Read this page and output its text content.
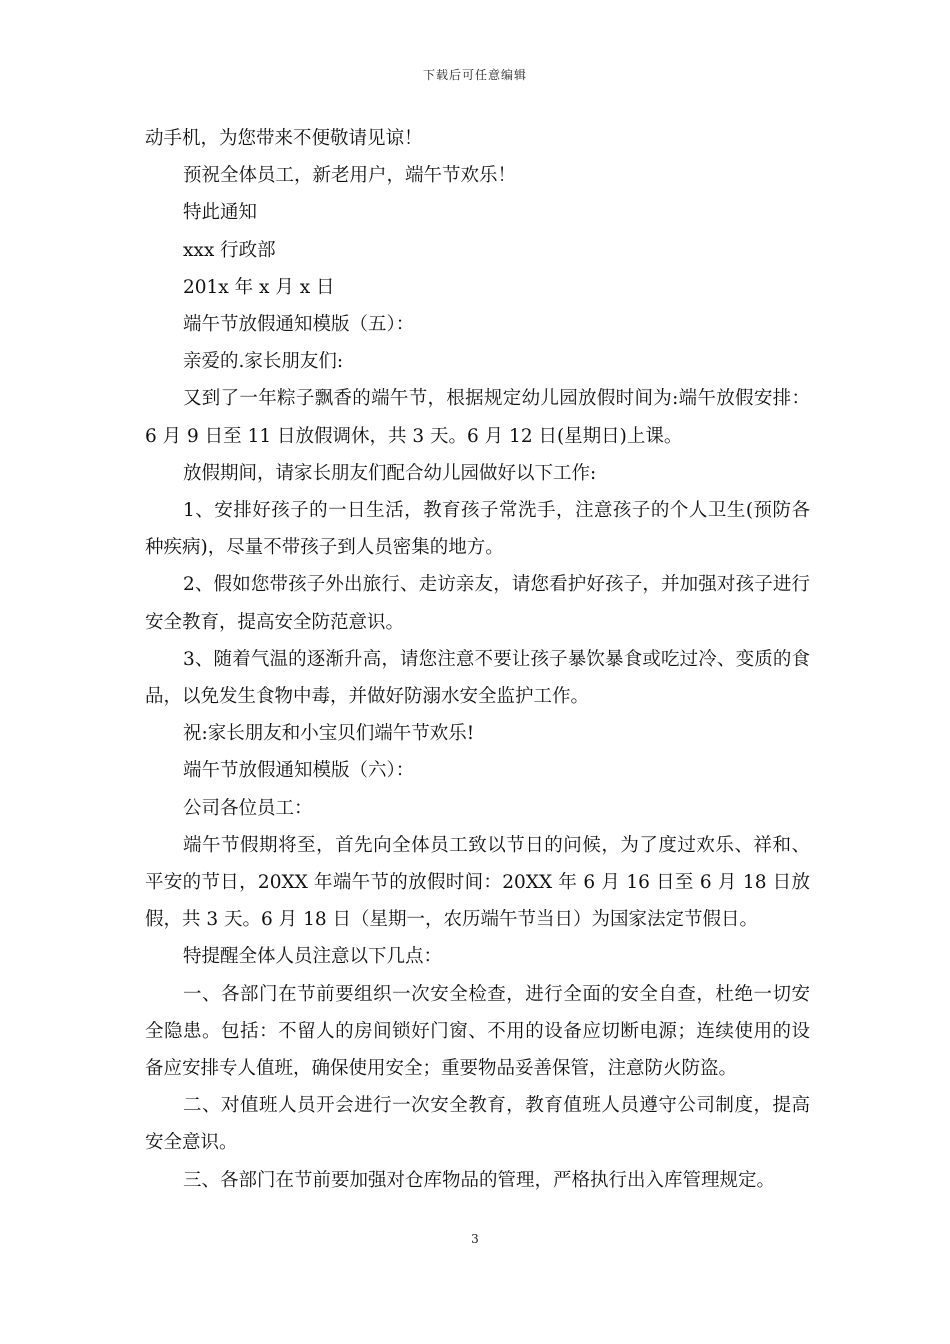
下载后可任意编辑

动手机，为您带来不便敬请见谅！

预祝全体员工，新老用户，端午节欢乐！

特此通知

xxx 行政部

201x 年 x 月 x 日

端午节放假通知模版（五）：

亲爱的.家长朋友们:

又到了一年粽子飘香的端午节，根据规定幼儿园放假时间为:端午放假安排：6 月 9 日至 11 日放假调休，共 3 天。6 月 12 日(星期日)上课。

放假期间，请家长朋友们配合幼儿园做好以下工作:

1、安排好孩子的一日生活，教育孩子常洗手，注意孩子的个人卫生(预防各种疾病)，尽量不带孩子到人员密集的地方。

2、假如您带孩子外出旅行、走访亲友，请您看护好孩子，并加强对孩子进行安全教育，提高安全防范意识。

3、随着气温的逐渐升高，请您注意不要让孩子暴饮暴食或吃过冷、变质的食品，以免发生食物中毒，并做好防溺水安全监护工作。

祝:家长朋友和小宝贝们端午节欢乐!

端午节放假通知模版（六）：

公司各位员工：

端午节假期将至，首先向全体员工致以节日的问候，为了度过欢乐、祥和、平安的节日，20XX 年端午节的放假时间：20XX 年 6 月 16 日至 6 月 18 日放假，共 3 天。6 月 18 日（星期一，农历端午节当日）为国家法定节假日。

特提醒全体人员注意以下几点：

一、各部门在节前要组织一次安全检查，进行全面的安全自查，杜绝一切安全隐患。包括：不留人的房间锁好门窗、不用的设备应切断电源；连续使用的设备应安排专人值班，确保使用安全；重要物品妥善保管，注意防火防盗。

二、对值班人员开会进行一次安全教育，教育值班人员遵守公司制度，提高安全意识。

三、各部门在节前要加强对仓库物品的管理，严格执行出入库管理规定。

3
